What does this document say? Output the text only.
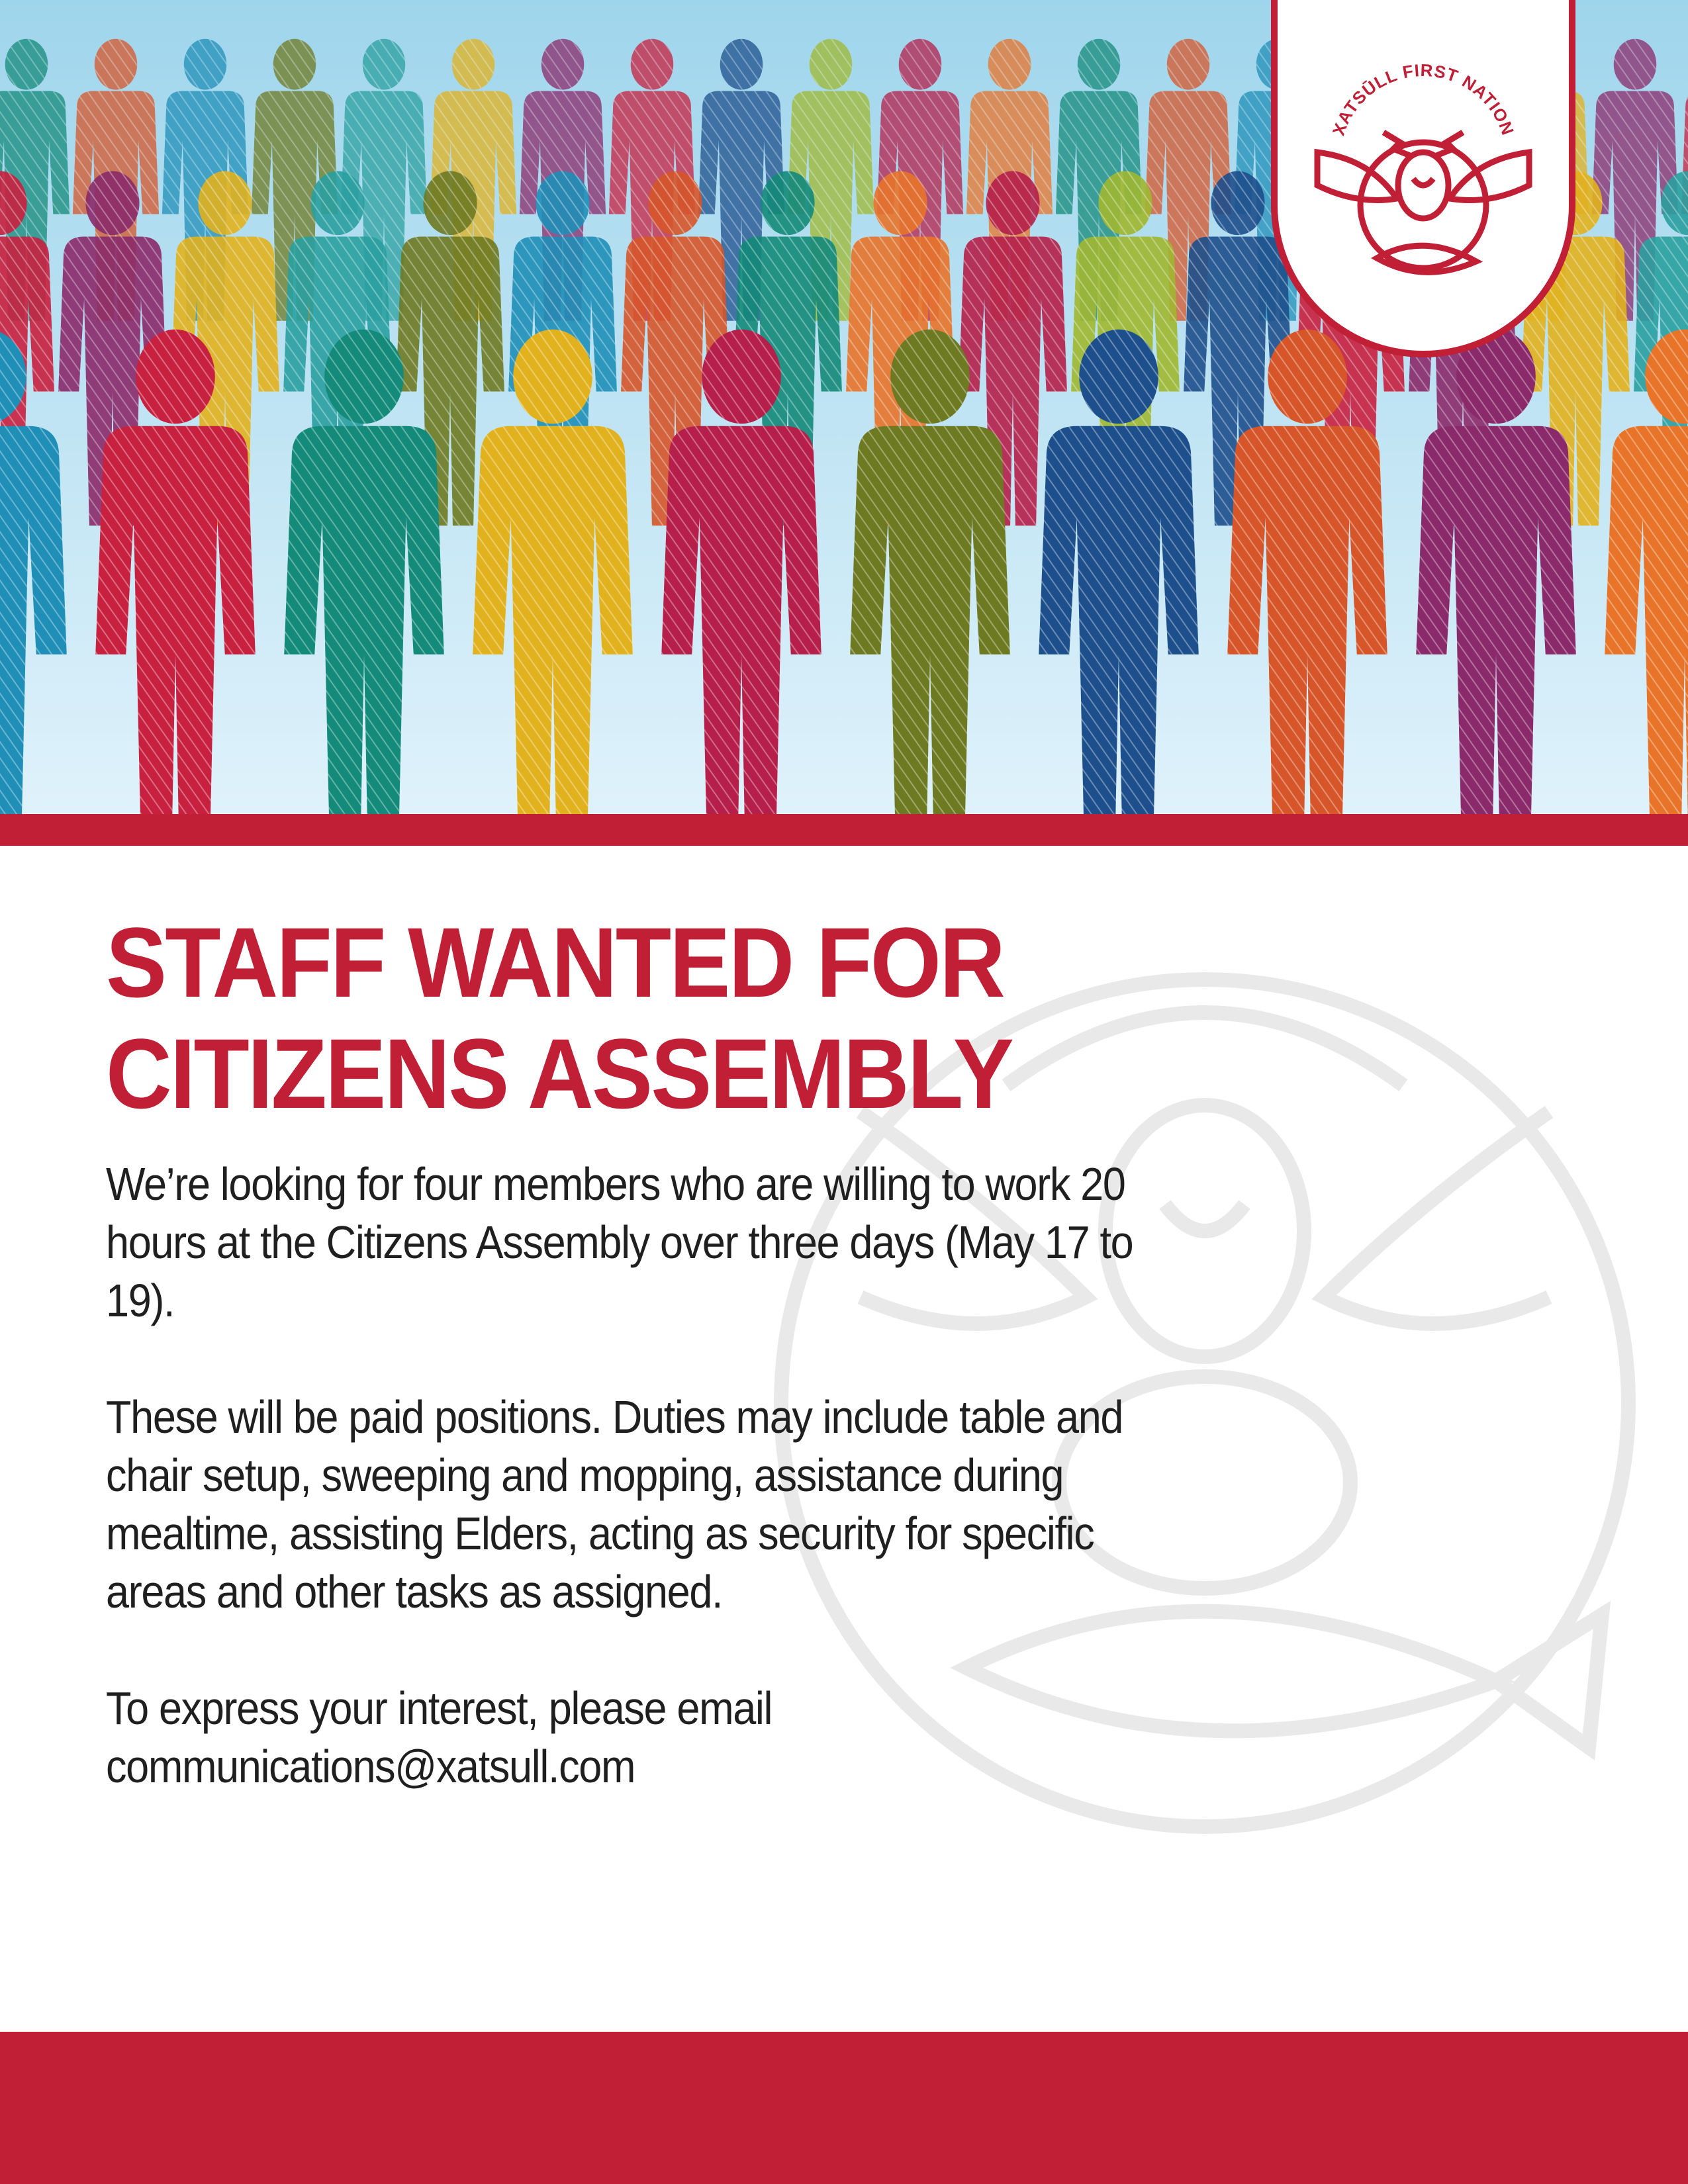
XATSŪLL FIRST NATION
STAFF WANTED FOR
CITIZENS ASSEMBLY

We’re looking for four members who are willing to work 20 hours at the Citizens Assembly over three days (May 17 to 19).

These will be paid positions. Duties may include table and chair setup, sweeping and mopping, assistance during mealtime, assisting Elders, acting as security for specific areas and other tasks as assigned.

To express your interest, please email
communications@xatsull.com
